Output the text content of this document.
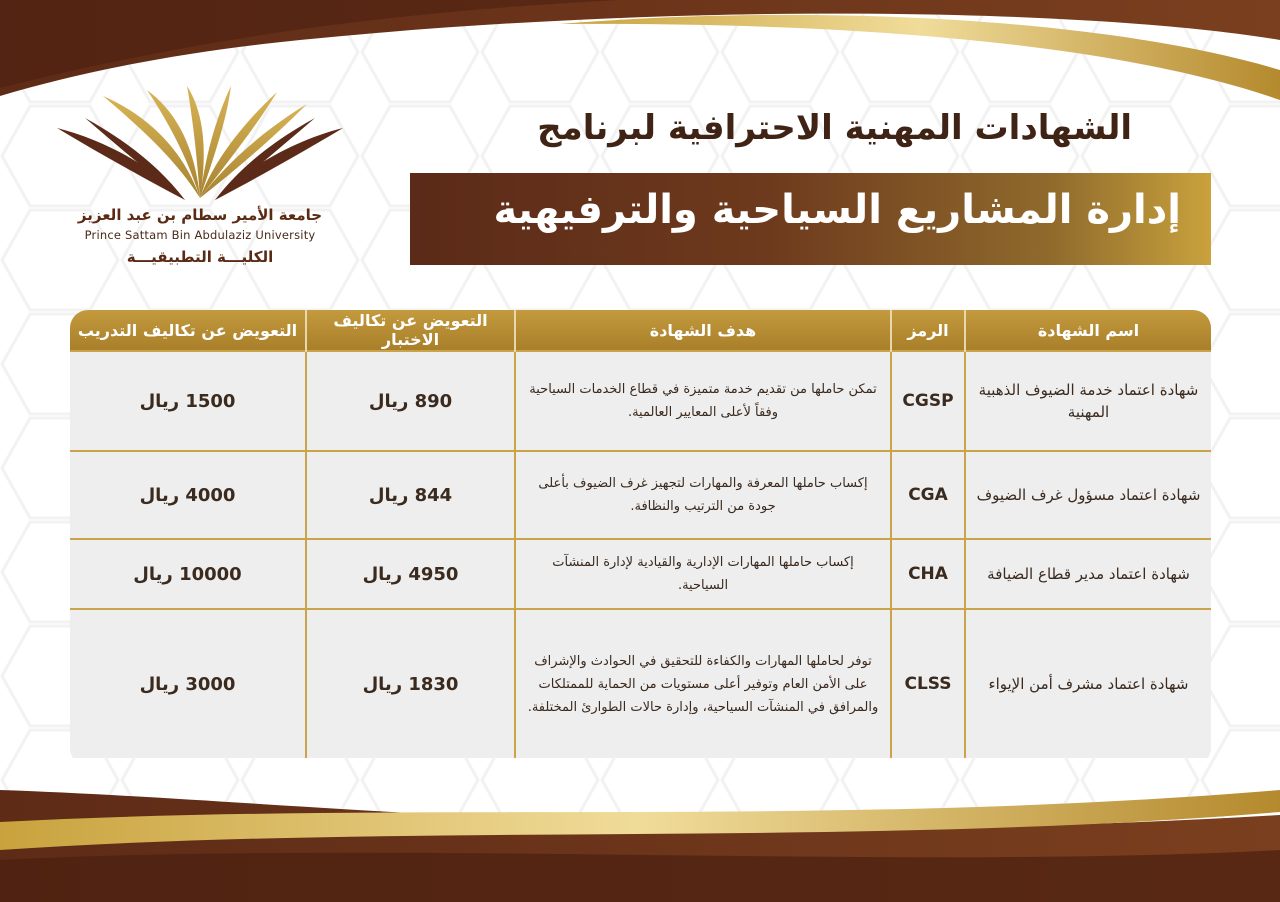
جامعة الأمير سطام بن عبد العزيز
Prince Sattam Bin Abdulaziz University
الكليـــة التطبيقيـــة
الشهادات المهنية الاحترافية لبرنامج
إدارة المشاريع السياحية والترفيهية
اسم الشهادة	الرمز	هدف الشهادة	التعويض عن تكاليف الاختبار	التعويض عن تكاليف التدريب
شهادة اعتماد خدمة الضيوف الذهبية المهنية	CGSP	تمكن حاملها من تقديم خدمة متميزة في قطاع الخدمات السياحية وفقاً لأعلى المعايير العالمية.	890 ريال	1500 ريال
شهادة اعتماد مسؤول غرف الضيوف	CGA	إكساب حاملها المعرفة والمهارات لتجهيز غرف الضيوف بأعلى جودة من الترتيب والنظافة.	844 ريال	4000 ريال
شهادة اعتماد مدير قطاع الضيافة	CHA	إكساب حاملها المهارات الإدارية والقيادية لإدارة المنشآت السياحية.	4950 ريال	10000 ريال
شهادة اعتماد مشرف أمن الإيواء	CLSS	توفر لحاملها المهارات والكفاءة للتحقيق في الحوادث والإشراف على الأمن العام وتوفير أعلى مستويات من الحماية للممتلكات والمرافق في المنشآت السياحية، وإدارة حالات الطوارئ المختلفة.	1830 ريال	3000 ريال
